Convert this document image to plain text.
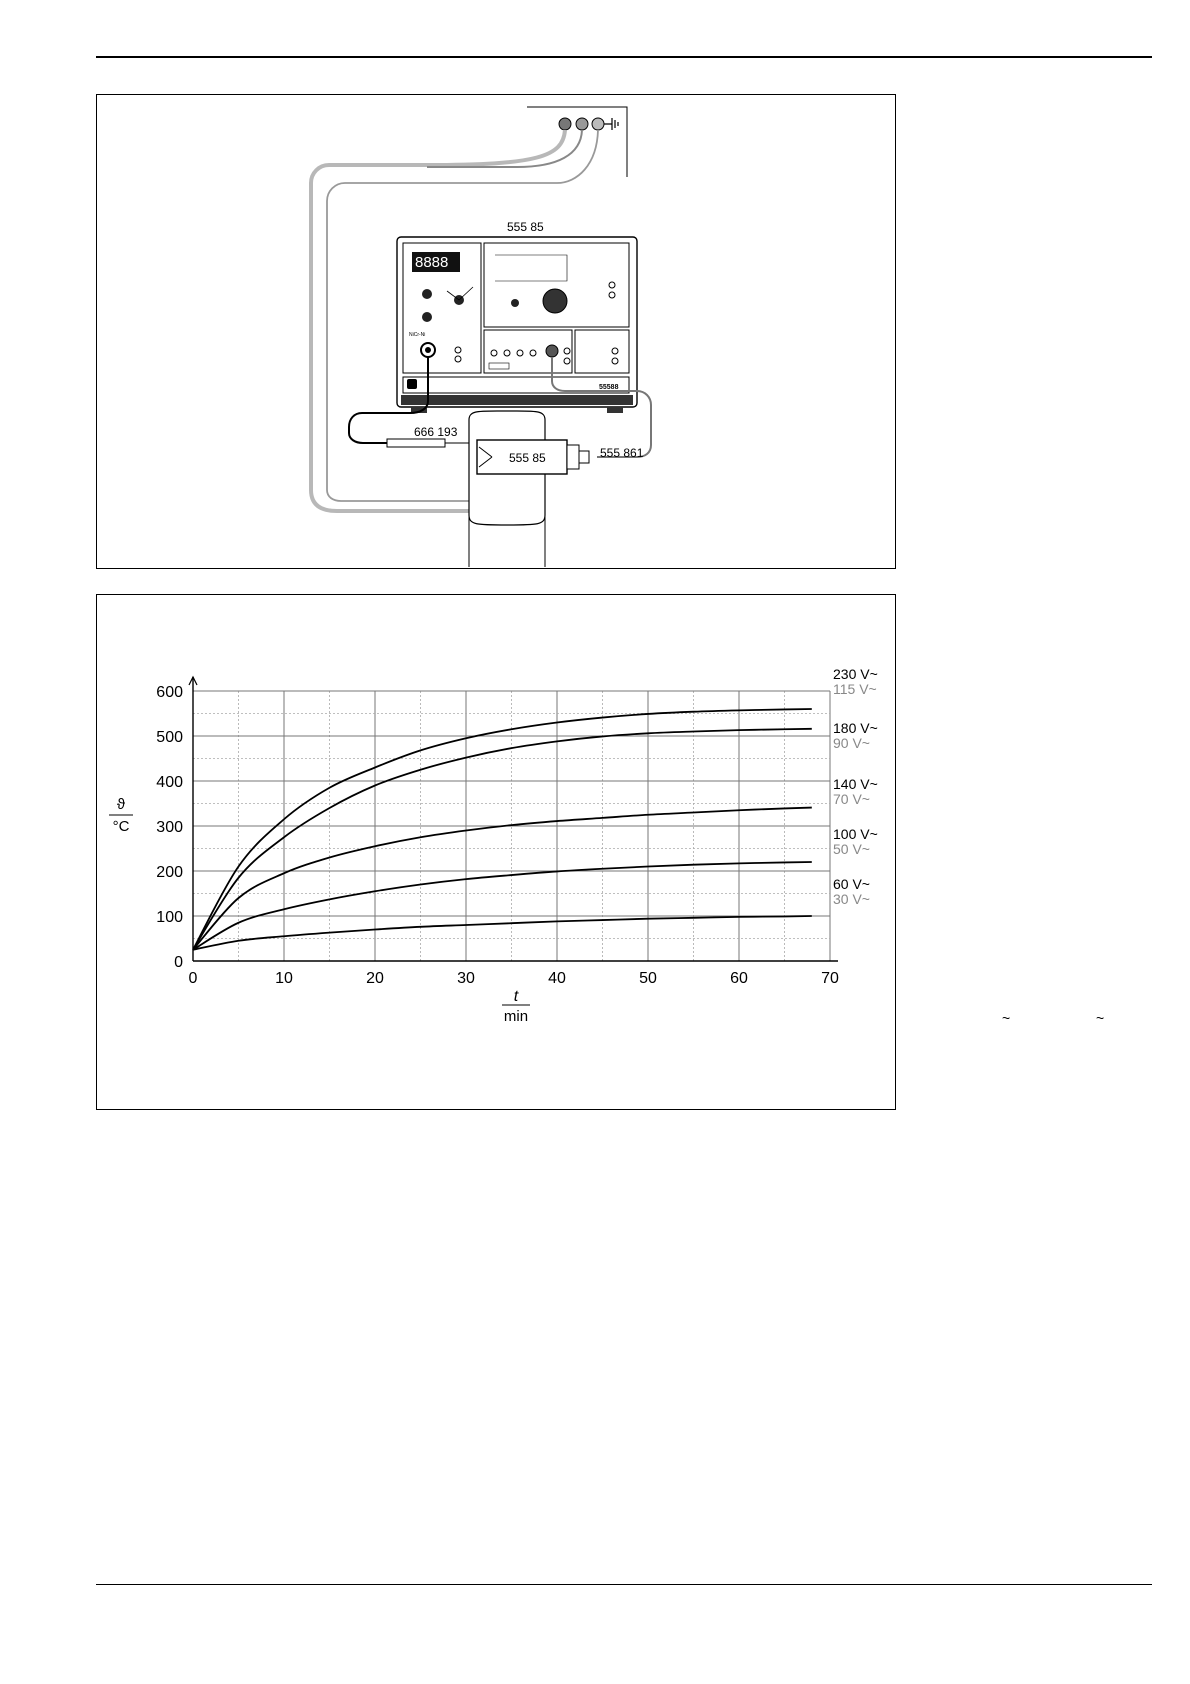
555 85
8888
NiCr-Ni
55588
666 193
555 85	555 861
0
100
200
300
400
500
600
0	10	20	30	40	50	60	70
230 V~
115 V~
180 V~
90 V~
140 V~
70 V~
100 V~
50 V~
60 V~
30 V~
ϑ
°C
t
min	~	~
